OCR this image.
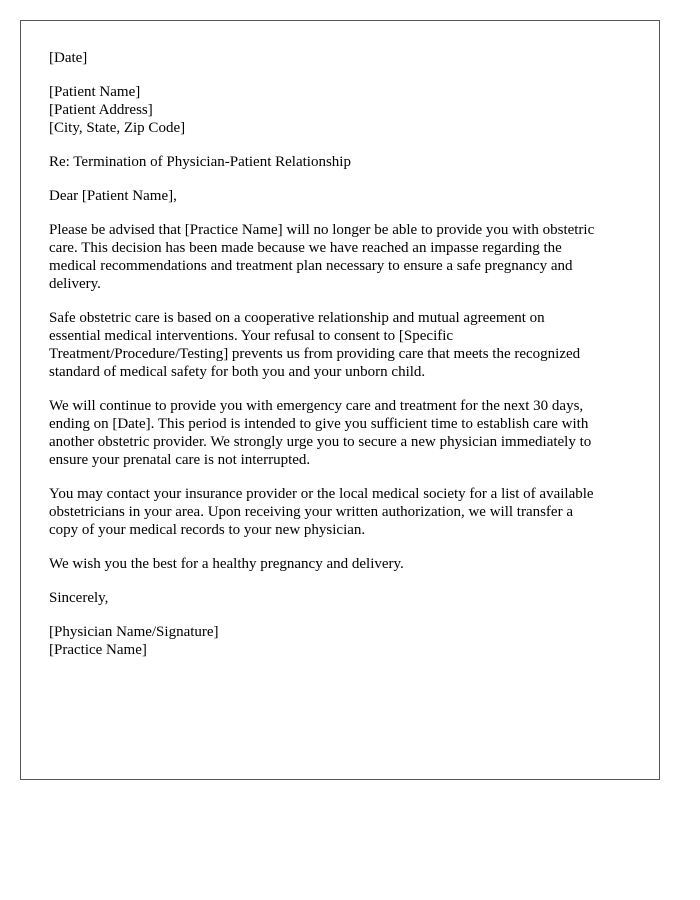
[Date]
[Patient Name]
[Patient Address]
[City, State, Zip Code]
Re: Termination of Physician-Patient Relationship
Dear [Patient Name],
Please be advised that [Practice Name] will no longer be able to provide you with obstetric
care. This decision has been made because we have reached an impasse regarding the
medical recommendations and treatment plan necessary to ensure a safe pregnancy and
delivery.
Safe obstetric care is based on a cooperative relationship and mutual agreement on
essential medical interventions. Your refusal to consent to [Specific
Treatment/Procedure/Testing] prevents us from providing care that meets the recognized
standard of medical safety for both you and your unborn child.
We will continue to provide you with emergency care and treatment for the next 30 days,
ending on [Date]. This period is intended to give you sufficient time to establish care with
another obstetric provider. We strongly urge you to secure a new physician immediately to
ensure your prenatal care is not interrupted.
You may contact your insurance provider or the local medical society for a list of available
obstetricians in your area. Upon receiving your written authorization, we will transfer a
copy of your medical records to your new physician.
We wish you the best for a healthy pregnancy and delivery.
Sincerely,
[Physician Name/Signature]
[Practice Name]
